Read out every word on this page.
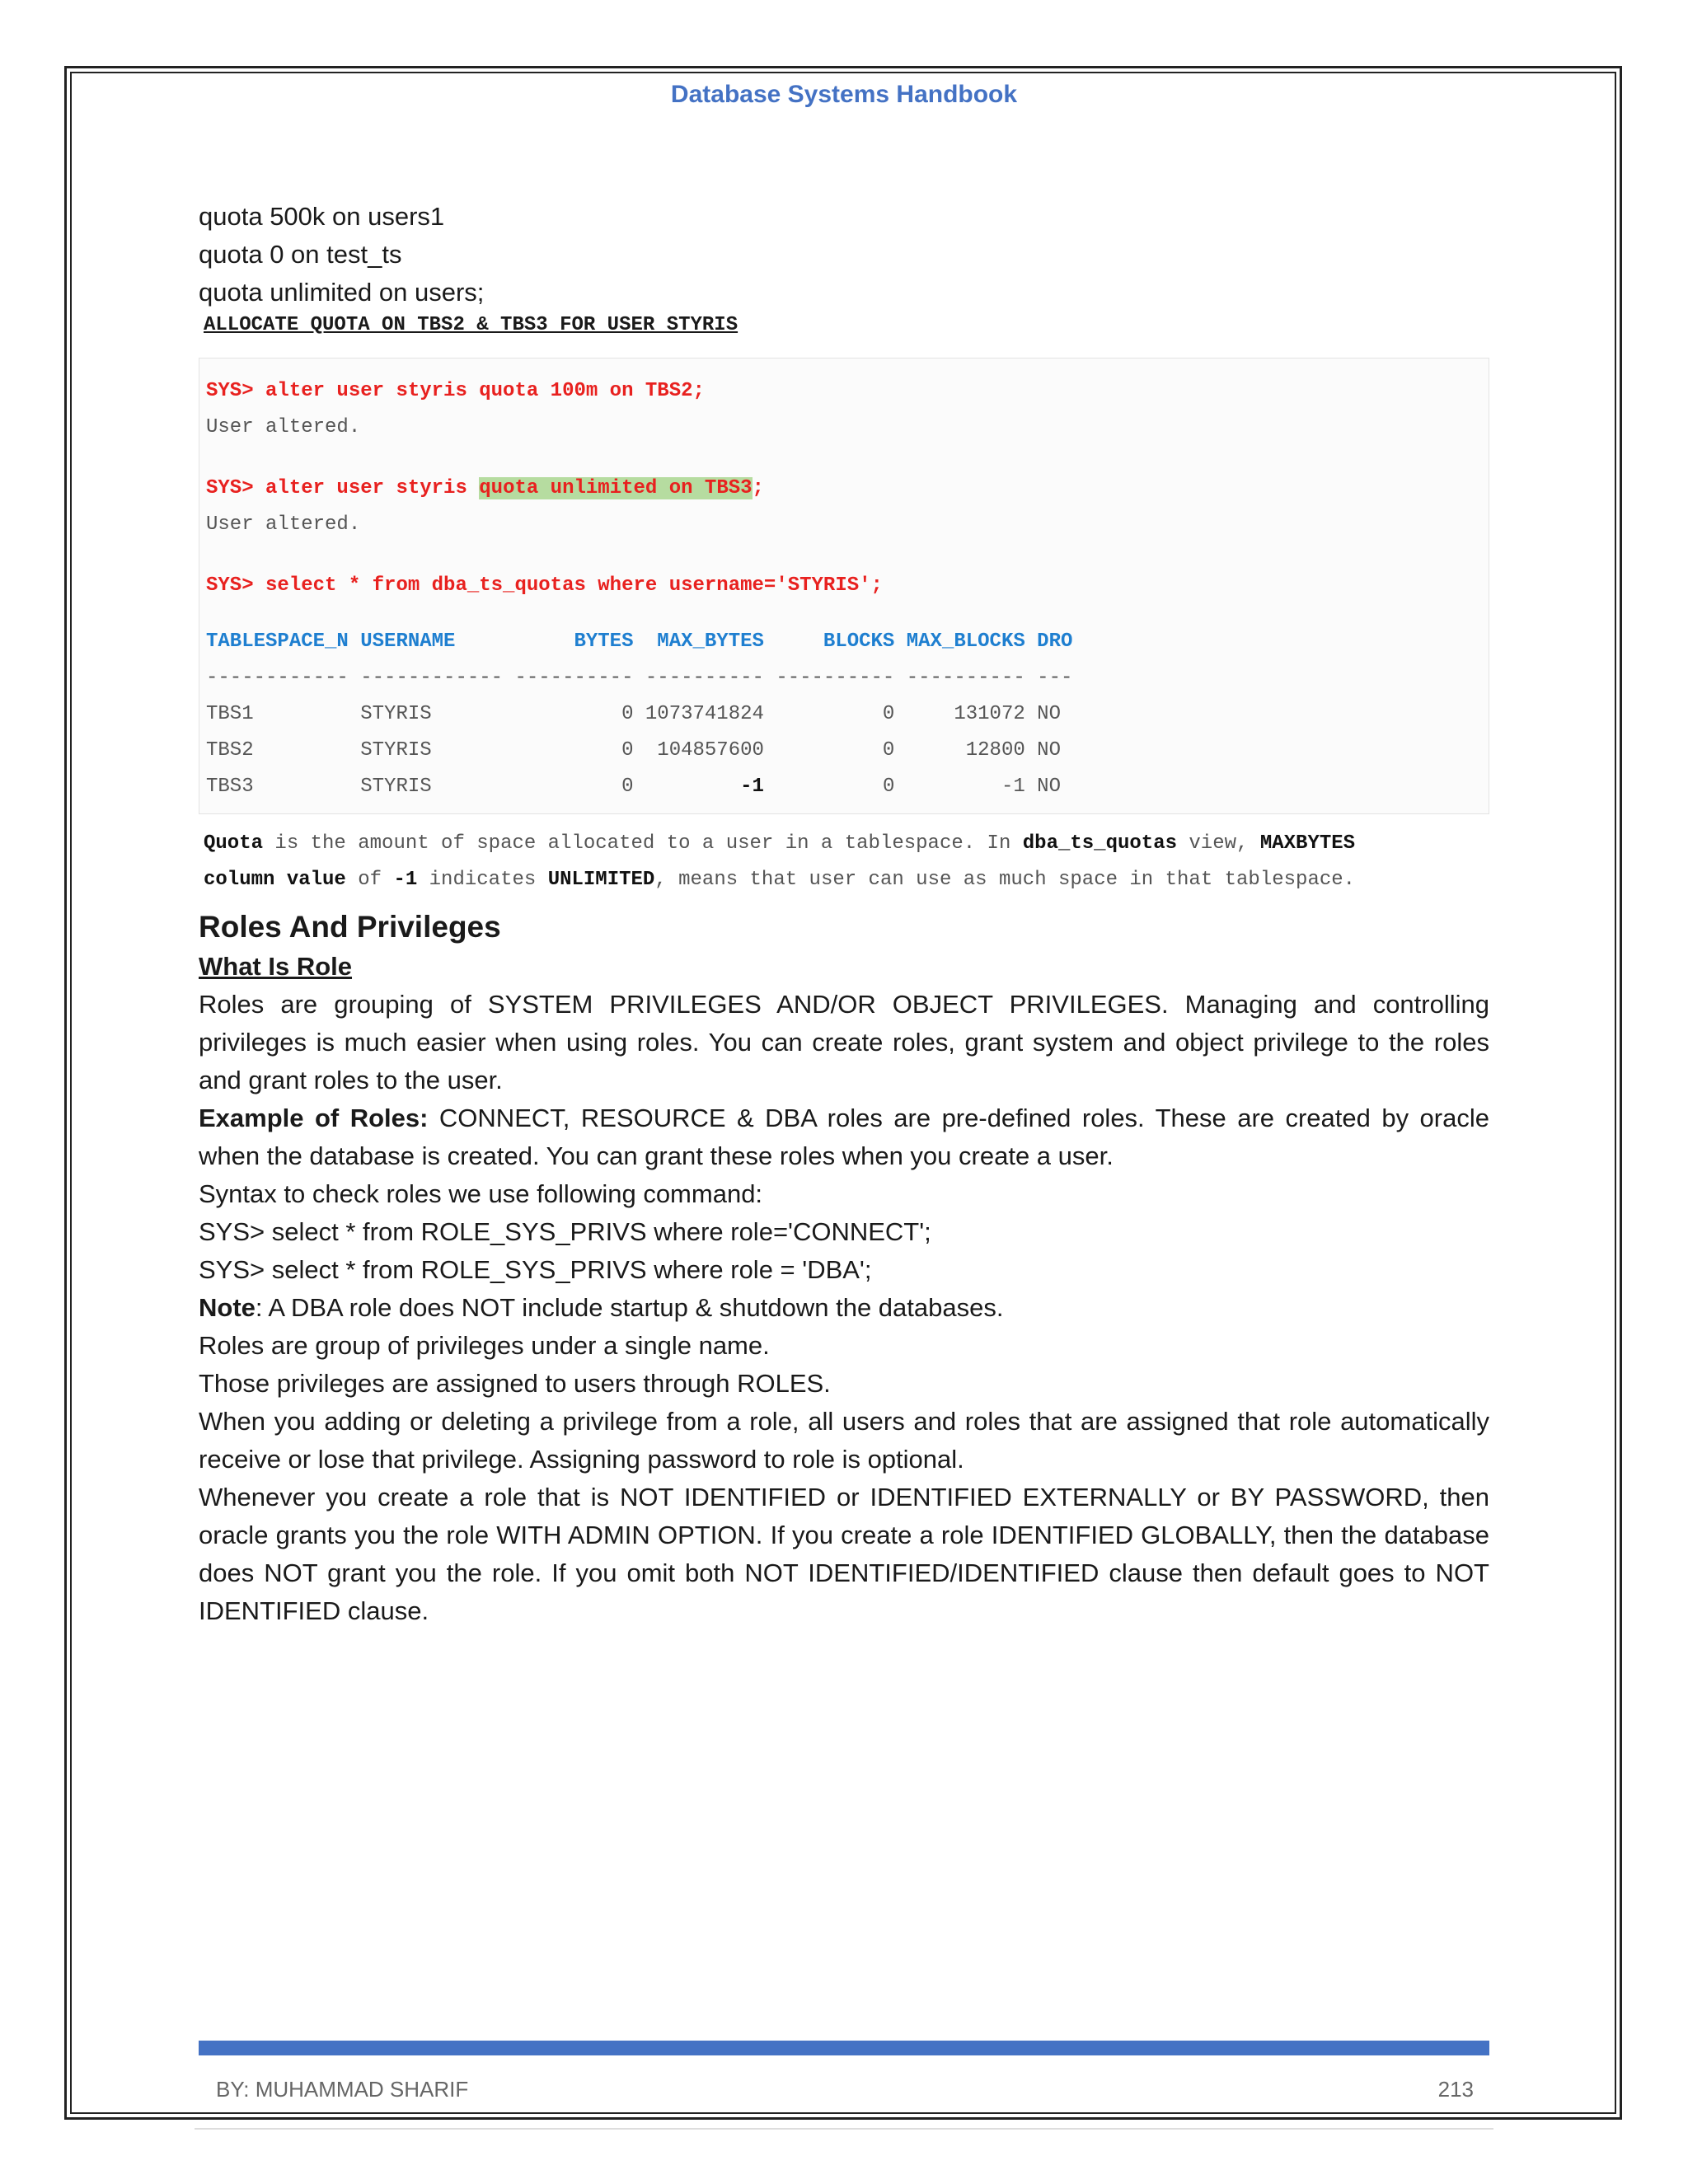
Database Systems Handbook

quota 500k on users1

quota 0 on test_ts

quota unlimited on users;

ALLOCATE QUOTA ON TBS2 & TBS3 FOR USER STYRIS

SYS> alter user styris quota 100m on TBS2;

User altered.

SYS> alter user styris quota unlimited on TBS3;

User altered.

SYS> select * from dba_ts_quotas where username='STYRIS';

TABLESPACE_N USERNAME          BYTES  MAX_BYTES     BLOCKS MAX_BLOCKS DRO

------------ ------------ ---------- ---------- ---------- ---------- ---

TBS1         STYRIS                0 1073741824          0     131072 NO

TBS2         STYRIS                0  104857600          0      12800 NO

TBS3         STYRIS                0         -1          0         -1 NO

Quota is the amount of space allocated to a user in a tablespace. In dba_ts_quotas view, MAXBYTES
column value of -1 indicates UNLIMITED, means that user can use as much space in that tablespace.

Roles And Privileges

What Is Role

Roles are grouping of SYSTEM PRIVILEGES AND/OR OBJECT PRIVILEGES. Managing and controlling privileges is much easier when using roles. You can create roles, grant system and object privilege to the roles and grant roles to the user.

Example of Roles: CONNECT, RESOURCE & DBA roles are pre-defined roles. These are created by oracle when the database is created. You can grant these roles when you create a user.

Syntax to check roles we use following command:

SYS> select * from ROLE_SYS_PRIVS where role='CONNECT';

SYS> select * from ROLE_SYS_PRIVS where role = 'DBA';

Note: A DBA role does NOT include startup & shutdown the databases.

Roles are group of privileges under a single name.

Those privileges are assigned to users through ROLES.

When you adding or deleting a privilege from a role, all users and roles that are assigned that role automatically receive or lose that privilege. Assigning password to role is optional.

Whenever you create a role that is NOT IDENTIFIED or IDENTIFIED EXTERNALLY or BY PASSWORD, then oracle grants you the role WITH ADMIN OPTION. If you create a role IDENTIFIED GLOBALLY, then the database does NOT grant you the role. If you omit both NOT IDENTIFIED/IDENTIFIED clause then default goes to NOT IDENTIFIED clause.

BY: MUHAMMAD SHARIF	213
